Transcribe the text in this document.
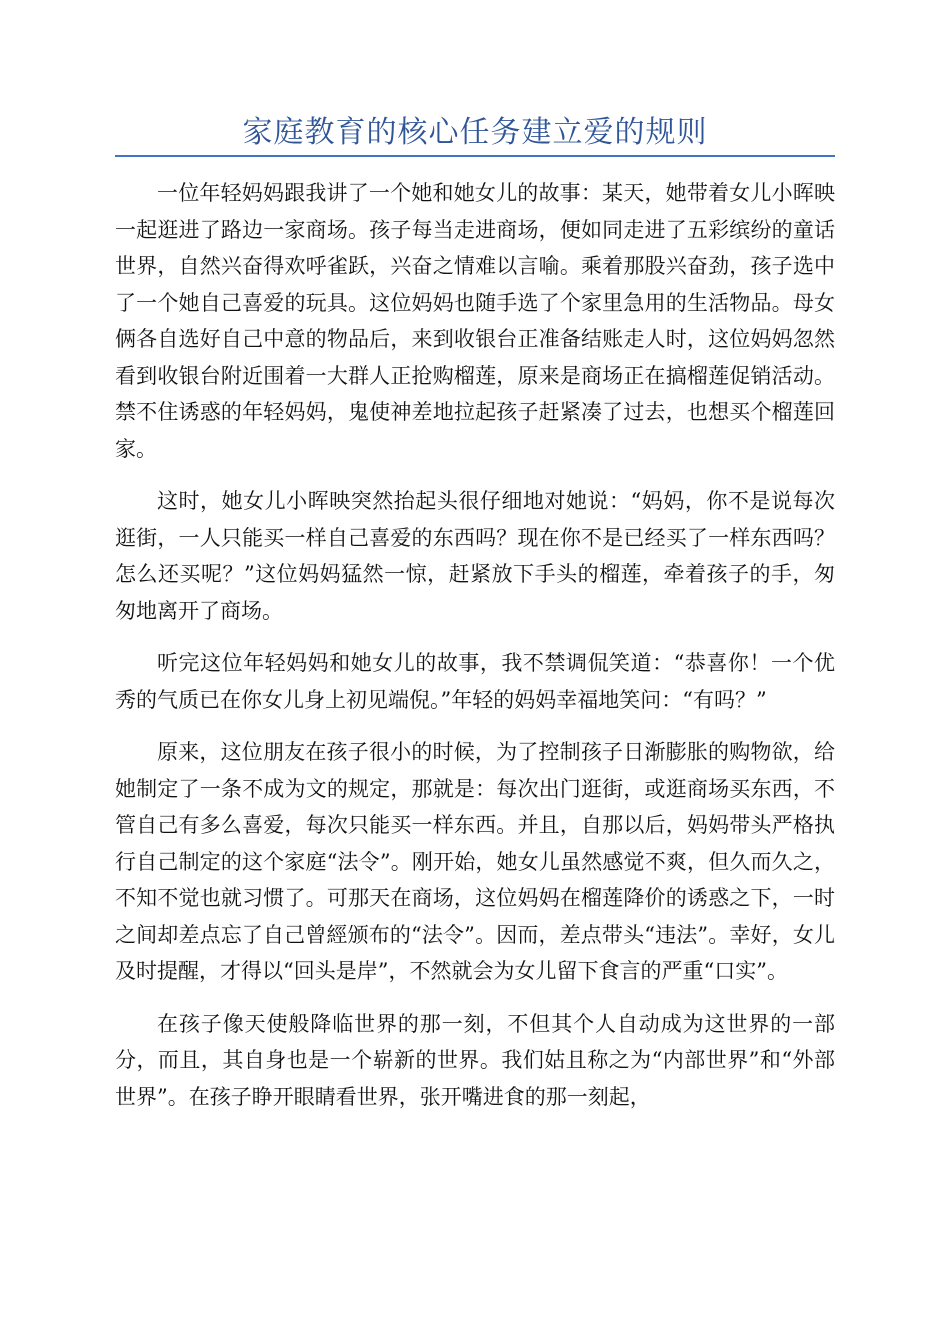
家庭教育的核心任务建立爱的规则

一位年轻妈妈跟我讲了一个她和她女儿的故事：某天，她带着女儿小晖映一起逛进了路边一家商场。孩子每当走进商场，便如同走进了五彩缤纷的童话世界，自然兴奋得欢呼雀跃，兴奋之情难以言喻。乘着那股兴奋劲，孩子选中了一个她自己喜爱的玩具。这位妈妈也随手选了个家里急用的生活物品。母女俩各自选好自己中意的物品后，来到收银台正准备结账走人时，这位妈妈忽然看到收银台附近围着一大群人正抢购榴莲，原来是商场正在搞榴莲促销活动。禁不住诱惑的年轻妈妈，鬼使神差地拉起孩子赶紧凑了过去，也想买个榴莲回家。

这时，她女儿小晖映突然抬起头很仔细地对她说：“妈妈，你不是说每次逛街，一人只能买一样自己喜爱的东西吗？现在你不是已经买了一样东西吗？怎么还买呢？”这位妈妈猛然一惊，赶紧放下手头的榴莲，牵着孩子的手，匆匆地离开了商场。

听完这位年轻妈妈和她女儿的故事，我不禁调侃笑道：“恭喜你！一个优秀的气质已在你女儿身上初见端倪。”年轻的妈妈幸福地笑问：“有吗？”

原来，这位朋友在孩子很小的时候，为了控制孩子日渐膨胀的购物欲，给她制定了一条不成为文的规定，那就是：每次出门逛街，或逛商场买东西，不管自己有多么喜爱，每次只能买一样东西。并且，自那以后，妈妈带头严格执行自己制定的这个家庭“法令”。刚开始，她女儿虽然感觉不爽，但久而久之，不知不觉也就习惯了。可那天在商场，这位妈妈在榴莲降价的诱惑之下，一时之间却差点忘了自己曾經颁布的“法令”。因而，差点带头“违法”。幸好，女儿及时提醒，才得以“回头是岸”，不然就会为女儿留下食言的严重“口实”。

在孩子像天使般降临世界的那一刻，不但其个人自动成为这世界的一部分，而且，其自身也是一个崭新的世界。我们姑且称之为“内部世界”和“外部世界”。在孩子睁开眼睛看世界，张开嘴进食的那一刻起，
